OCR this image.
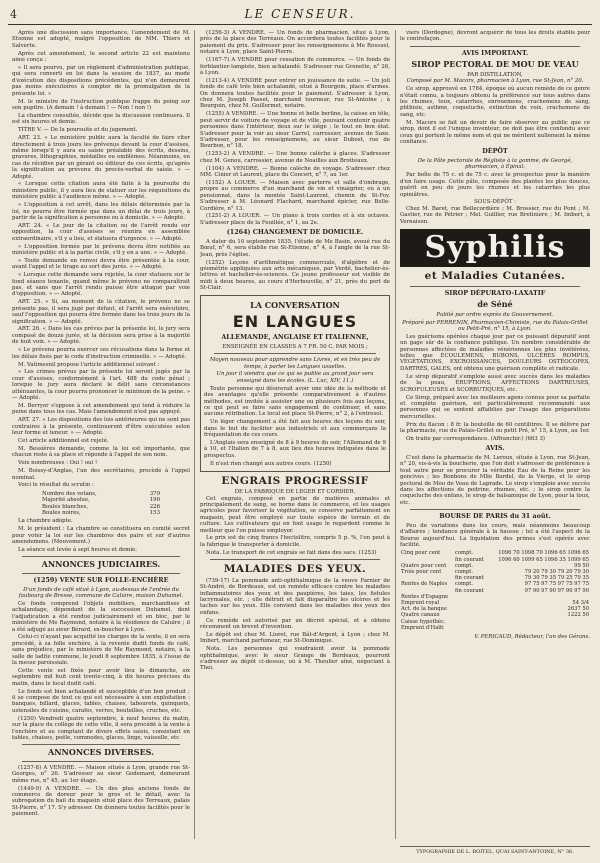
4	LE CENSEUR.

Après une discussion sans importance, l'amendement de M. Etienne est adopté, malgré l'opposition de MM. Thiers et Salverte.

Après cet amendement, le second article 22 est maintenu ainsi conçu :

« Il sera pourvu, par un règlement d'administration publique, qui sera converti en loi dans la session de 1837, au mode d'exécution des dispositions précédentes, qui n'en demeurent pas moins exécutoires à compter de la promulgation de la présente loi. »

M. le ministre de l'instruction publique frappe du poing sur son pupitre. (A demain ! à demain ! — Non ! non !)

La chambre consultée, décide que la discussion continuera. Il est six heures et demie.

TITRE V. — De la poursuite et du jugement.

ART. 23. « Le ministère public aura la faculté de faire citer directement à trois jours les prévenus devant la cour d'assises, même lorsqu'il y aura eu saisie préalable des écrits, dessins, gravures, lithographies, médailles ou emblèmes. Néanmoins, en cas de récidive par un gérant ou éditeur de ces écrits, qu'après la signification au prévenu du procès-verbal de saisie. » — Adopté.

« Lorsque cette citation aura été faite à la poursuite du ministère public, il y aura lieu de statuer sur les réquisitions du ministère public à l'audience même. » — Adopté.

« L'opposition à cet arrêt, dans les délais déterminés par la loi, ne pourra être formée que dans un délai de trois jours, à partir de la signification à personne ou à domicile. » — Adopté.

ART. 24. « Le jour de la citation ou de l'arrêt rendu sur opposition, la cour d'assises se réunira en assemblée extraordinaire, s'il y a lieu, et statuera d'urgence. » — Adopté.

« L'opposition formée par le prévenu devra être notifiée au ministère public et à la partie civile, s'il y en a une. » — Adopté.

« Toute demande en renvoi devra être présentée à la cour, avant l'appel et le tirage au sort des jurés. » — Adopté.

« Lorsque cette demande sera rejetée, la cour statuera sur le fond séance tenante, quand même le prévenu ne comparaîtrait pas, et sans que l'arrêt rendu puisse être attaqué par voie d'opposition. » — Adopté.

ART. 25. « Si, au moment de la citation, le prévenu ne se présente pas, il sera jugé par défaut, et l'arrêt sera exécutoire, sauf l'opposition qui pourra être formée dans les trois jours de la signification. » — Adopté.

ART. 26. « Dans les cas prévus par la présente loi, le jury sera composé de douze jurés, et la décision sera prise à la majorité de huit voix. » — Adopté.

« Le prévenu pourra exercer ses récusations dans la forme et les délais fixés par le code d'instruction criminelle. » — Adopté.

M. Vatimesnil propose l'article additionnel suivant :

« Les crimes prévus par la présente loi seront jugés par la cour d'assises, conformément à l'art. 488 du code pénal ; lorsque le jury aura déclaré le délit sans circonstances atténuantes, la cour pourra prononcer le minimum de la peine. » — Adopté.

M. Berryer s'oppose à cet amendement qui tend à réduire la peine dans tous les cas. Mais l'amendement n'est pas appuyé.

ART. 27. « Les dispositions des lois antérieures qui ne sont pas contraires à la présente, continueront d'être exécutées selon leur forme et teneur. » — Adopté.

Cet article additionnel est rejeté.

M. Bessières demande, comme la loi est importante, que chacun reste à sa place et réponde à l'appel de son nom.

Voix nombreuses : Oui ! oui !

M. Boissy-d'Anglas, l'un des secrétaires, procède à l'appel nominal.

Voici le résultat du scrutin :

Nombre des votans,	379
Majorité absolue,	190
Boules blanches,	226
Boules noires,	153

La chambre adopte.

M. le président : La chambre se constituera en comité secret pour voter la loi sur les chambres des pairs et sur d'autres amendemens. (Mouvement.)

La séance est levée à sept heures et demie.

ANNONCES JUDICIAIRES.
(1259) VENTE SUR FOLLE-ENCHÈRE

D'un fonds de café situé à Lyon, au-dessus de l'entrée du faubourg de Bresse, commune de Caluire, maison Duhamel.

Ce fonds comprend l'objets mobiliers, marchandises et achalandage, dépendant de la succession Duhamel, dont l'adjudication a été rendue judiciairement et en bloc, par le ministère de Me Raymond, notaire à la résidence de Caluire ; il a été adjugé au sieur Bérard, ex-boucher à Lyon.

Celui-ci n'ayant pas acquitté les charges de la vente, il en sera procédé, à sa folle enchère, à la revente dudit fonds de café, sans préjudice, par le ministère de Me Raymond, notaire, à la salle de ladite commune, le jeudi 8 septembre 1835, à l'issue de la messe paroissiale.

Cette vente est fixée pour avoir lieu le dimanche, six septembre mil huit cent trente-cinq, à dix heures précises du matin, dans le local dudit café.

Le fonds est bien achalandé et susceptible d'un bon produit ; il se compose de tout ce qui est nécessaire à son exploitation : banques, billard, glaces, tables, chaises, tabourets, quinquets, ustensiles de cuisine, carafes, verres, bouteilles, cruches, etc.

(1250) Vendredi quatre septembre, à neuf heures du matin, sur la place du collège de cette ville, il sera procédé à la vente à l'enchère et au comptant de divers effets saisis, consistant en tables, chaises, poêle, commodes, glaces, linge, vaisselle, etc.

ANNONCES DIVERSES.

(1257-8) A VENDRE. — Maison située à Lyon, grande rue St-Georges, n° 26. S'adresser au sieur Godemard, demeurant même rue, n° 45, au 1er étage.

(1449-9) A VENDRE. — Un des plus anciens fonds de commerce de doreur pour le gros et le détail, avec la subrogation du bail du magasin situé place des Terreaux, palais St-Pierre, n° 17. S'y adresser. On donnera toutes facilités pour le paiement.

(1256-3) A VENDRE. — Un fonds de pharmacien, situé à Lyon, près de la place des Terreaux. On accordera toutes facilités pour le paiement du prix. S'adresser pour les renseignemens à Me Roussel, notaire à Lyon, place Saint-Pierre.

(1167-7) A VENDRE pour cessation de commerce. — Un fonds de ferblantier-lampiste, bien achalandé. S'adresser rue Grenette, n° 26, à Lyon.

(1213-4) A VENDRE pour entrer en jouissance de suite. — Un joli fonds de café très bien achalandé, situé à Bourgoin, place d'armes. On donnera toutes facilités pour le paiement. S'adresser à Lyon, chez M. Joseph Passet, marchand tourneur, rue St-Antoine ; à Bourgoin, chez M. Guillermet, notaire.

(1255) A VENDRE. — Une bonne et belle berline, la caisse en tôle, peut servir de voiture de voyage et de ville, pouvant contenir quatre personnes dans l'intérieur, deux sur le siège ; le tout en bon état. S'adresser pour la voir au sieur Carrel, carrossier, avenue de Saxe. S'adresser, pour les renseignemens, au sieur Dubost, rue de Bourbon, n° 18.

(1253-2) A VENDRE. — Une bonne calèche à glaces. S'adresser chez M. Genou, carrossier, avenue de Noailles aux Brotteaux.

(1104) A VENDRE. — Bonne calèche de voyage. S'adresser chez MM. Cinier et Laurent, place du Concert, n° 7, au 1er.

(1152) A LOUER. — Maison avec parterre et salle d'ombrage, propre au commerce d'un marchand de vin et vinaigrier, ou à un pensionnat, dans la montée Saint-Laurent, chemin de St-Foy. S'adresser à M. Léonard Flachard, marchand épicier, rue Belle-Cordière, n° 13.

(1251-2) A LOUER. — Un piano à trois cordes et à six octaves. S'adresser place de la Feuillée, n° 1, au 2e.

(1264) CHANGEMENT DE DOMICILE.

A dater du 10 septembre 1835, l'étude de Me Basin, avoué rue du Bœuf, n° 6, sera établie rue St-Etienne, n° 4, à l'angle de la rue St-Jean, près l'église.

(1252) Leçons d'arithmétique commerciale, d'algèbre et de géométrie appliquées aux arts mécaniques, par Verdé, bachelier-ès-lettres et bachelier-ès-sciences. Ce jeune professeur est visible de midi à deux heures, au cours d'Herbouville, n° 21, près du port de St-Clair.

LA CONVERSATION
EN LANGUES
ALLEMANDE, ANGLAISE ET ITALIENNE,
ENSEIGNÉE EN CLASSES A 7 FR. 50 C. PAR MOIS ;

Moyen nouveau pour apprendre sans Livres, et en très peu de temps, à parler les Langues usuelles.

Un jour il viendra que ce qui se publie au grand jour sera enseigné dans les écoles. (L. Luc, XIV, 11.)

Toute personne qui désirerait avoir une idée de la méthode et des avantages qu'elle présente comparativement à d'autres méthodes, est invitée à assister une ou plusieurs fois aux leçons, ce qui peut se faire sans engagement de continuer, et sans aucune rétribution. Le local est place St-Pierre, n° 2, à l'entresol.

Un léger changement a été fait aux heures des leçons du soir, dans le but de faciliter aux industriels et aux commerçans la fréquentation de ces cours.

L'Anglais sera enseigné de 8 à 9 heures du soir, l'Allemand de 9 à 10, et l'Italien de 7 à 8, aux lieu des heures indiquées dans le prospectus.

Il n'est rien changé aux autres cours. (1250)

ENGRAIS PROGRESSIF
DE LA FABRIQUE DE LEGER ET CORDIER.

Cet engrais, composé en partie de matières animales et principalement de sang, se borne dans le commerce, et les usages agricoles pour favoriser la végétation, se conserve parfaitement en magasin, peut être employé sur toute espèce de terrain et de culture. Les cultivateurs qui en font usage le regardent comme le meilleur que l'on puisse employer.

Le prix est de cinq francs l'hectolitre, compris 5 p. %, l'on peut à la fabrique le transporter à domicile.

Nota. Le transport de cet engrais se fait dans des sacs. (1253)

MALADIES DES YEUX.

(739-17) La pommade anti-ophthalmique de la veuve Farnier de St-André, de Bordeaux, est un remède efficace contre les maladies inflammatoires des yeux et des paupières, les taies, les fistules lacrymales, etc. ; elle détruit et fait disparaître les ulcères et les taches sur les yeux. Elle convient dans les maladies des yeux des enfans.

Ce remède est autorisé par un décret spécial, et a obtenu récemment un brevet d'invention.

Le dépôt est chez M. Lioret, rue Bât-d'Argent, à Lyon ; chez M. Imbert, marchand parfumeur, rue St-Dominique.

Nota. Les personnes qui voudraient avoir la pommade ophthalmique, avec le sieur Grange de Bordeaux, pourront s'adresser au dépôt ci-dessus, où à M. Theulier aîné, négociant à Thei.

viers (Dordogne), devront acquérir de tous les droits établis pour le contrefaçon.

AVIS IMPORTANT.
SIROP PECTORAL DE MOU DE VEAU
PAR DISTILLATION,

Composé par M. Macors, pharmacien à Lyon, rue St-Jean, n° 20.

Ce sirop, approuvé en 1784, époque où aucun remède de ce genre n'était connu, a toujours obtenu la préférence sur tous autres dans les rhumes, toux, catarrhes, enrouemens, crachemens de sang, phthisie, asthme, coqueluche, extinction de voix, crachemens de sang, etc.

M. Macors se fait un devoir de faire observer au public que ce sirop, dont il est l'unique inventeur, ne doit pas être confondu avec ceux qui portent le même nom et qui ne méritent nullement la même confiance.

DÉPÔT

De la Pâte pectorale de Régliste à la gomme, de Georgé, pharmacien, à Épinal.

Par boîte de 75 c. et de 75 c. avec le prospectus pour la manière d'en faire usage. Cette pâte, composée des plantes les plus douces, guérit en peu de jours les rhumes et les catarrhes les plus opiniâtres.

SOUS-DÉPÔT :

Chez M. Baret, rue Bellecordière ; M. Brossier, rue du Pont ; M. Gastier, rue de Pétrier ; Mel. Guillier, rue Bretiniere ; M. Imbert, à Vernaison.

Syphilis
et Maladies Cutanées.
SIROP DÉPURATO-LAXATIF
de Séné

Publié par ordre exprès du Gouvernement.

Préparé par PERRENIN, Pharmacien-Chimiste, rue du Palais-Grillet ou Petit-Pré, n° 15, à Lyon.

Les guérisons opérées chaque jour par ce puissant dépuratif sont un gage sûr de la confiance publique. Un nombre considérable de personnes affectées de maladies vénériennes les plus invétérées, telles que ÉCOULEMENS, BUBONS, ULCÈRES ROMPUS, VÉGÉTATIONS, EXCROISSANCES, DOULEURS OSTÉOCOPES, DARTRES, GALES, ont obtenu une guérison complète et radicale.

Le sirop dépuratif s'emploie aussi avec succès dans les maladies de la peau, ÉRUPTIONS, AFFECTIONS DARTREUSES, SCROFULEUSES et SCORBUTIQUES, etc.

Ce Sirop, préparé avec les meilleurs agens connus pour sa parfaite et complète guérison, est particulièrement recommandé aux personnes qui se sentent affaiblies par l'usage des préparations mercurielles.

Prix du flacon : 8 fr. la bouteille de 60 centilitres. Il se délivre par la pharmacie, rue du Palais-Grillet ou petit Pré, n° 15, à Lyon, au 1er.

On traite par correspondance. (Affranchir.) (663 3)

AVIS.

C'est dans la pharmacie de M. Leroux, située à Lyon, rue St-Jean, n° 20, vis-à-vis la boucherie, que l'on doit s'adresser de préférence à tout autre pour se procurer la véritable Eau de la Reine pour les gencives ; les Bonbons de Mlle Bardel, de la Vierge, et le sirop pectoral de Mou de Veau de Laprade. Le sirop s'emploie avec succès dans les affections de poitrine, rhumes, etc. ; le sirop contre la coqueluche des enfans, le sirop de balsamique de Lyon, pour la toux, etc.

BOURSE DE PARIS du 31 août.

Peu de variations dans les cours, mais néanmoins beaucoup d'affaires ; tendance générale à la hausse ; tel a été l'aspect de la Bourse aujourd'hui. La liquidation des primes s'est opérée avec facilité.

Cinq pour cent	compt.	1096 70 1098 70 1096 65 1096 65
	fin courant	1096 60 1099 65 1096 35 1099 65
Quatre pour cent	compt.	99 50
Trois pour cent	compt.	79 20 79 30 79 20 79 30
	fin courant	79 30 79 35 79 25 79 35
Rentes de Naples	compt.	97 75 97 75 97 75 97 75
	fin courant	97 90 97 90 97 90 97 90
Rentes d'Espagne		
Emprunt royal		54 3/4
Act. de la banque		2637 50
Quatre canaux		1222 50
Caisse hypothéc.		
Emprunt d'Haïti		
V. PERICAUD, Rédacteur, l'un des Gérans.
TYPOGRAPHIE DE L. BOITEL, QUAI SAINT-ANTOINE, N° 36.
